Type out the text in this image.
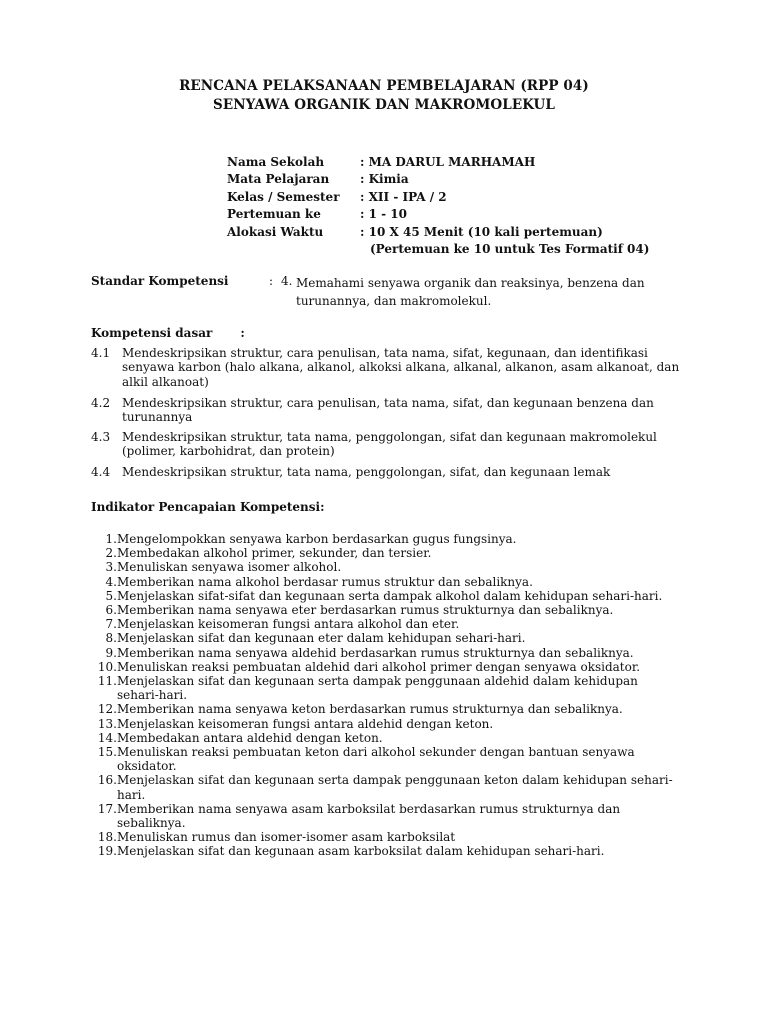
RENCANA PELAKSANAAN PEMBELAJARAN (RPP 04)
SENYAWA ORGANIK DAN MAKROMOLEKUL
Nama Sekolah	: MA DARUL MARHAMAH
Mata Pelajaran	: Kimia
Kelas / Semester	: XII - IPA / 2
Pertemuan ke	: 1 - 10
Alokasi Waktu	: 10 X 45 Menit (10 kali pertemuan)
(Pertemuan ke 10 untuk Tes Formatif 04)
Standar Kompetensi	: 4. Memahami senyawa organik dan reaksinya, benzena dan turunannya, dan makromolekul.
Kompetensi dasar :
4.1 Mendeskripsikan struktur, cara penulisan, tata nama, sifat, kegunaan, dan identifikasi senyawa karbon (halo alkana, alkanol, alkoksi alkana, alkanal, alkanon, asam alkanoat, dan alkil alkanoat)
4.2 Mendeskripsikan struktur, cara penulisan, tata nama, sifat, dan kegunaan benzena dan turunannya
4.3 Mendeskripsikan struktur, tata nama, penggolongan, sifat dan kegunaan makromolekul (polimer, karbohidrat, dan protein)
4.4 Mendeskripsikan struktur, tata nama, penggolongan, sifat, dan kegunaan lemak
Indikator Pencapaian Kompetensi:
1. Mengelompokkan senyawa karbon berdasarkan gugus fungsinya.
2. Membedakan alkohol primer, sekunder, dan tersier.
3. Menuliskan senyawa isomer alkohol.
4. Memberikan nama alkohol berdasar rumus struktur dan sebaliknya.
5. Menjelaskan sifat-sifat dan kegunaan serta dampak alkohol dalam kehidupan sehari-hari.
6. Memberikan nama senyawa eter berdasarkan rumus strukturnya dan sebaliknya.
7. Menjelaskan keisomeran fungsi antara alkohol dan eter.
8. Menjelaskan sifat dan kegunaan eter dalam kehidupan sehari-hari.
9. Memberikan nama senyawa aldehid berdasarkan rumus strukturnya dan sebaliknya.
10. Menuliskan reaksi pembuatan aldehid dari alkohol primer dengan senyawa oksidator.
11. Menjelaskan sifat dan kegunaan serta dampak penggunaan aldehid dalam kehidupan sehari-hari.
12. Memberikan nama senyawa keton berdasarkan rumus strukturnya dan sebaliknya.
13. Menjelaskan keisomeran fungsi antara aldehid dengan keton.
14. Membedakan antara aldehid dengan keton.
15. Menuliskan reaksi pembuatan keton dari alkohol sekunder dengan bantuan senyawa oksidator.
16. Menjelaskan sifat dan kegunaan serta dampak penggunaan keton dalam kehidupan sehari-hari.
17. Memberikan nama senyawa asam karboksilat berdasarkan rumus strukturnya dan sebaliknya.
18. Menuliskan rumus dan isomer-isomer asam karboksilat
19. Menjelaskan sifat dan kegunaan asam karboksilat dalam kehidupan sehari-hari.
